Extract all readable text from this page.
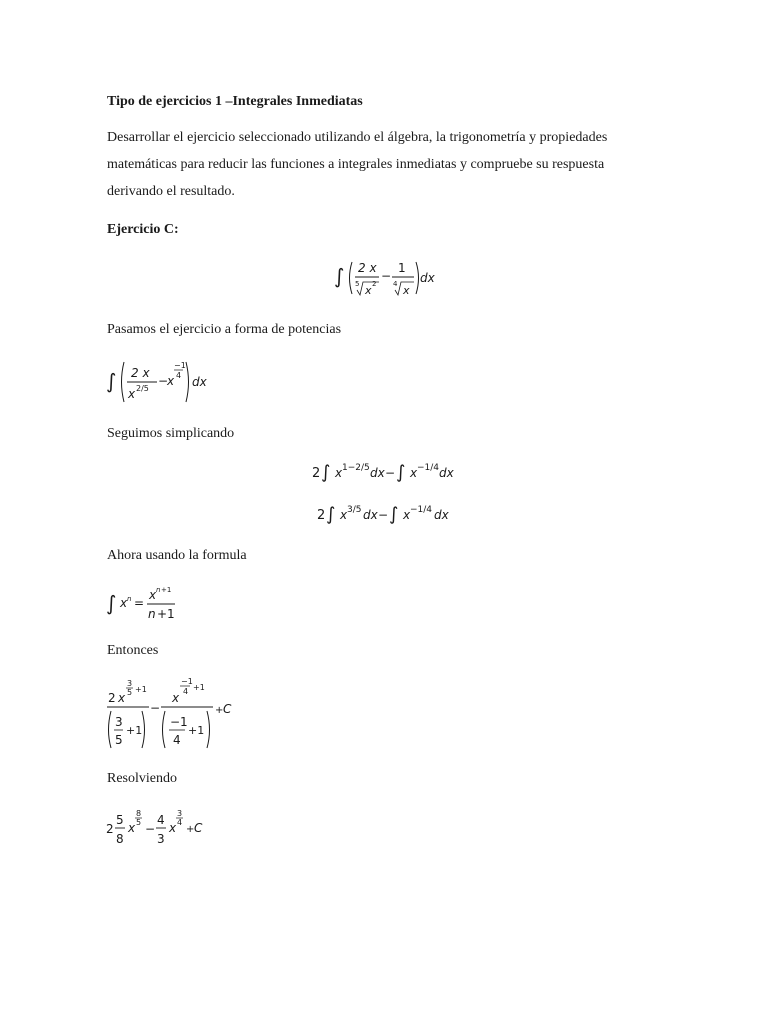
Tipo de ejercicios 1 –Integrales Inmediatas
Desarrollar el ejercicio seleccionado utilizando el álgebra, la trigonometría y propiedades
matemáticas para reducir las funciones a integrales inmediatas y compruebe su respuesta
derivando el resultado.
Ejercicio C:
∫ 2 x
5 x 2
−
1
4 x
dx
Pasamos el ejercicio a forma de potencias
∫ 2 x
x 2/5
−
x
−1
4 dx
Seguimos simplicando
2 ∫ x 1−2/5 dx − ∫ x −1/4 dx
2 ∫ x 3/5 dx − ∫ x −1/4 dx
Ahora usando la formula
∫ x n =
x n +1
n +1
Entonces
2 x
3
5 +1
3
5
+1
−
x
−1
4 +1
−1
4
+1
+ C
Resolviendo
2
5
8
x
8
5 −
4
3
x
3
4
+ C
